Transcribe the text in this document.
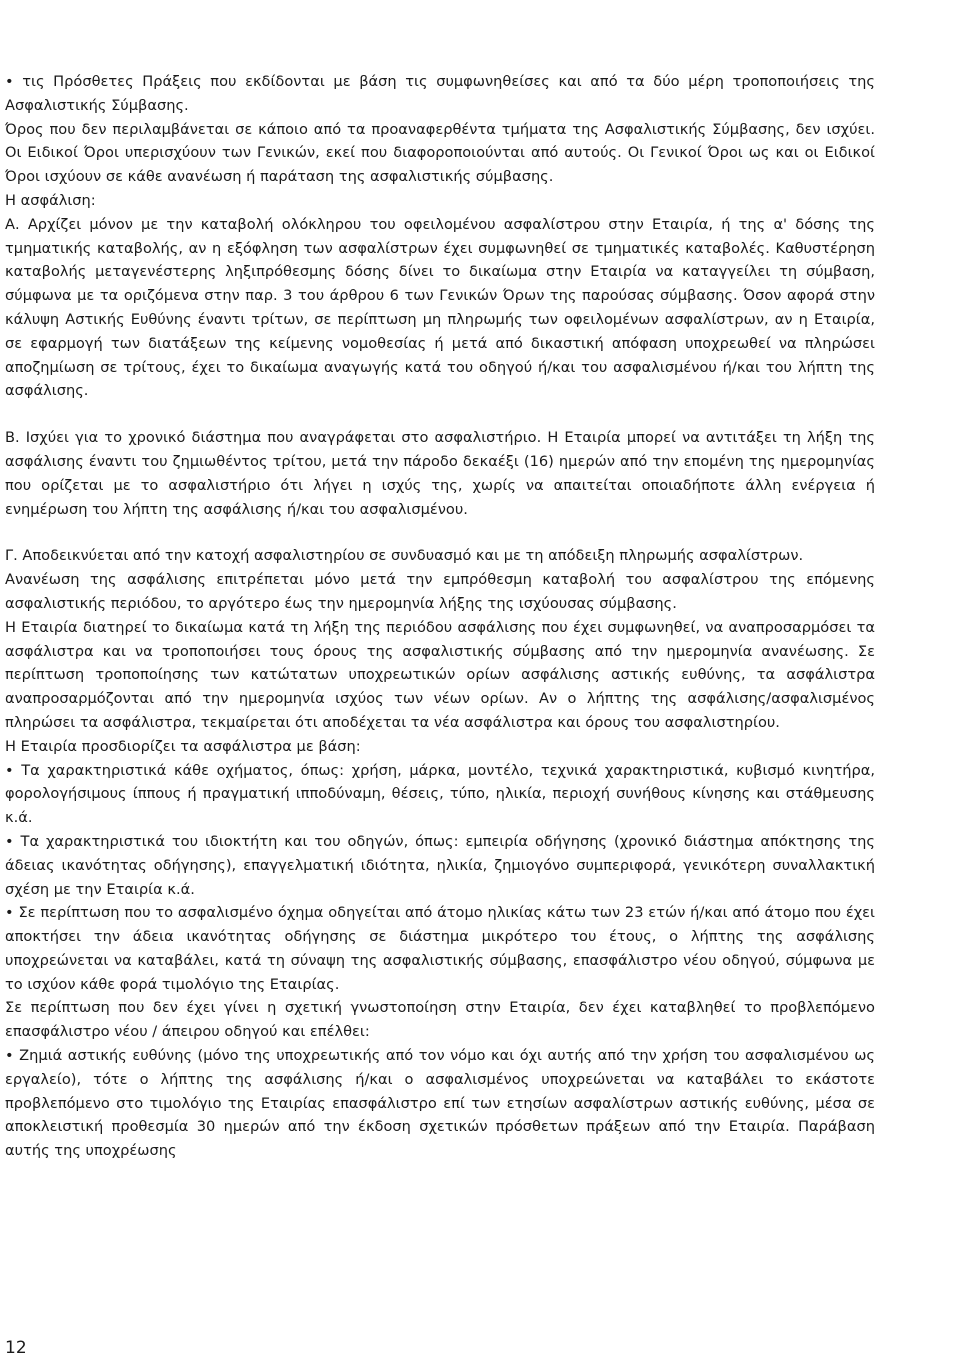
• τις Πρόσθετες Πράξεις που εκδίδονται με βάση τις συμφωνηθείσες και από τα δύο μέρη τροποποιήσεις της Ασφαλιστικής Σύμβασης.

Όρος που δεν περιλαμβάνεται σε κάποιο από τα προαναφερθέντα τμήματα της Ασφαλιστικής Σύμβασης, δεν ισχύει. Οι Ειδικοί Όροι υπερισχύουν των Γενικών, εκεί που διαφοροποιούνται από αυτούς. Οι Γενικοί Όροι ως και οι Ειδικοί Όροι ισχύουν σε κάθε ανανέωση ή παράταση της ασφαλιστικής σύμβασης.

Η ασφάλιση:

Α. Αρχίζει μόνον με την καταβολή ολόκληρου του οφειλομένου ασφαλίστρου στην Εταιρία, ή της α' δόσης της τμηματικής καταβολής, αν η εξόφληση των ασφαλίστρων έχει συμφωνηθεί σε τμηματικές καταβολές. Καθυστέρηση καταβολής μεταγενέστερης ληξιπρόθεσμης δόσης δίνει το δικαίωμα στην Εταιρία να καταγγείλει τη σύμβαση, σύμφωνα με τα οριζόμενα στην παρ. 3 του άρθρου 6 των Γενικών Όρων της παρούσας σύμβασης. Όσον αφορά στην κάλυψη Αστικής Ευθύνης έναντι τρίτων, σε περίπτωση μη πληρωμής των οφειλομένων ασφαλίστρων, αν η Εταιρία, σε εφαρμογή των διατάξεων της κείμενης νομοθεσίας ή μετά από δικαστική απόφαση υποχρεωθεί να πληρώσει αποζημίωση σε τρίτους, έχει το δικαίωμα αναγωγής κατά του οδηγού ή/και του ασφαλισμένου ή/και του λήπτη της ασφάλισης.

Β. Ισχύει για το χρονικό διάστημα που αναγράφεται στο ασφαλιστήριο. Η Εταιρία μπορεί να αντιτάξει τη λήξη της ασφάλισης έναντι του ζημιωθέντος τρίτου, μετά την πάροδο δεκαέξι (16) ημερών από την επομένη της ημερομηνίας που ορίζεται με το ασφαλιστήριο ότι λήγει η ισχύς της, χωρίς να απαιτείται οποιαδήποτε άλλη ενέργεια ή ενημέρωση του λήπτη της ασφάλισης ή/και του ασφαλισμένου.

Γ. Αποδεικνύεται από την κατοχή ασφαλιστηρίου σε συνδυασμό και με τη απόδειξη πληρωμής ασφαλίστρων.

Ανανέωση της ασφάλισης επιτρέπεται μόνο μετά την εμπρόθεσμη καταβολή του ασφαλίστρου της επόμενης ασφαλιστικής περιόδου, το αργότερο έως την ημερομηνία λήξης της ισχύουσας σύμβασης.

Η Εταιρία διατηρεί το δικαίωμα κατά τη λήξη της περιόδου ασφάλισης που έχει συμφωνηθεί, να αναπροσαρμόσει τα ασφάλιστρα και να τροποποιήσει τους όρους της ασφαλιστικής σύμβασης από την ημερομηνία ανανέωσης. Σε περίπτωση τροποποίησης των κατώτατων υποχρεωτικών ορίων ασφάλισης αστικής ευθύνης, τα ασφάλιστρα αναπροσαρμόζονται από την ημερομηνία ισχύος των νέων ορίων. Αν ο λήπτης της ασφάλισης/ασφαλισμένος πληρώσει τα ασφάλιστρα, τεκμαίρεται ότι αποδέχεται τα νέα ασφάλιστρα και όρους του ασφαλιστηρίου.

Η Εταιρία προσδιορίζει τα ασφάλιστρα με βάση:

• Τα χαρακτηριστικά κάθε οχήματος, όπως: χρήση, μάρκα, μοντέλο, τεχνικά χαρακτηριστικά, κυβισμό κινητήρα, φορολογήσιμους ίππους ή πραγματική ιπποδύναμη, θέσεις, τύπο, ηλικία, περιοχή συνήθους κίνησης και στάθμευσης κ.ά.

• Τα χαρακτηριστικά του ιδιοκτήτη και του οδηγών, όπως: εμπειρία οδήγησης (χρονικό διάστημα απόκτησης της άδειας ικανότητας οδήγησης), επαγγελματική ιδιότητα, ηλικία, ζημιογόνο συμπεριφορά, γενικότερη συναλλακτική σχέση με την Εταιρία κ.ά.

• Σε περίπτωση που το ασφαλισμένο όχημα οδηγείται από άτομο ηλικίας κάτω των 23 ετών ή/και από άτομο που έχει αποκτήσει την άδεια ικανότητας οδήγησης σε διάστημα μικρότερο του έτους, ο λήπτης της ασφάλισης υποχρεώνεται να καταβάλει, κατά τη σύναψη της ασφαλιστικής σύμβασης, επασφάλιστρο νέου οδηγού, σύμφωνα με το ισχύον κάθε φορά τιμολόγιο της Εταιρίας.

Σε περίπτωση που δεν έχει γίνει η σχετική γνωστοποίηση στην Εταιρία, δεν έχει καταβληθεί το προβλεπόμενο επασφάλιστρο νέου / άπειρου οδηγού και επέλθει:

• Ζημιά αστικής ευθύνης (μόνο της υποχρεωτικής από τον νόμο και όχι αυτής από την χρήση του ασφαλισμένου ως εργαλείο), τότε ο λήπτης της ασφάλισης ή/και ο ασφαλισμένος υποχρεώνεται να καταβάλει το εκάστοτε προβλεπόμενο στο τιμολόγιο της Εταιρίας επασφάλιστρο επί των ετησίων ασφαλίστρων αστικής ευθύνης, μέσα σε αποκλειστική προθεσμία 30 ημερών από την έκδοση σχετικών πρόσθετων πράξεων από την Εταιρία. Παράβαση αυτής της υποχρέωσης

12
